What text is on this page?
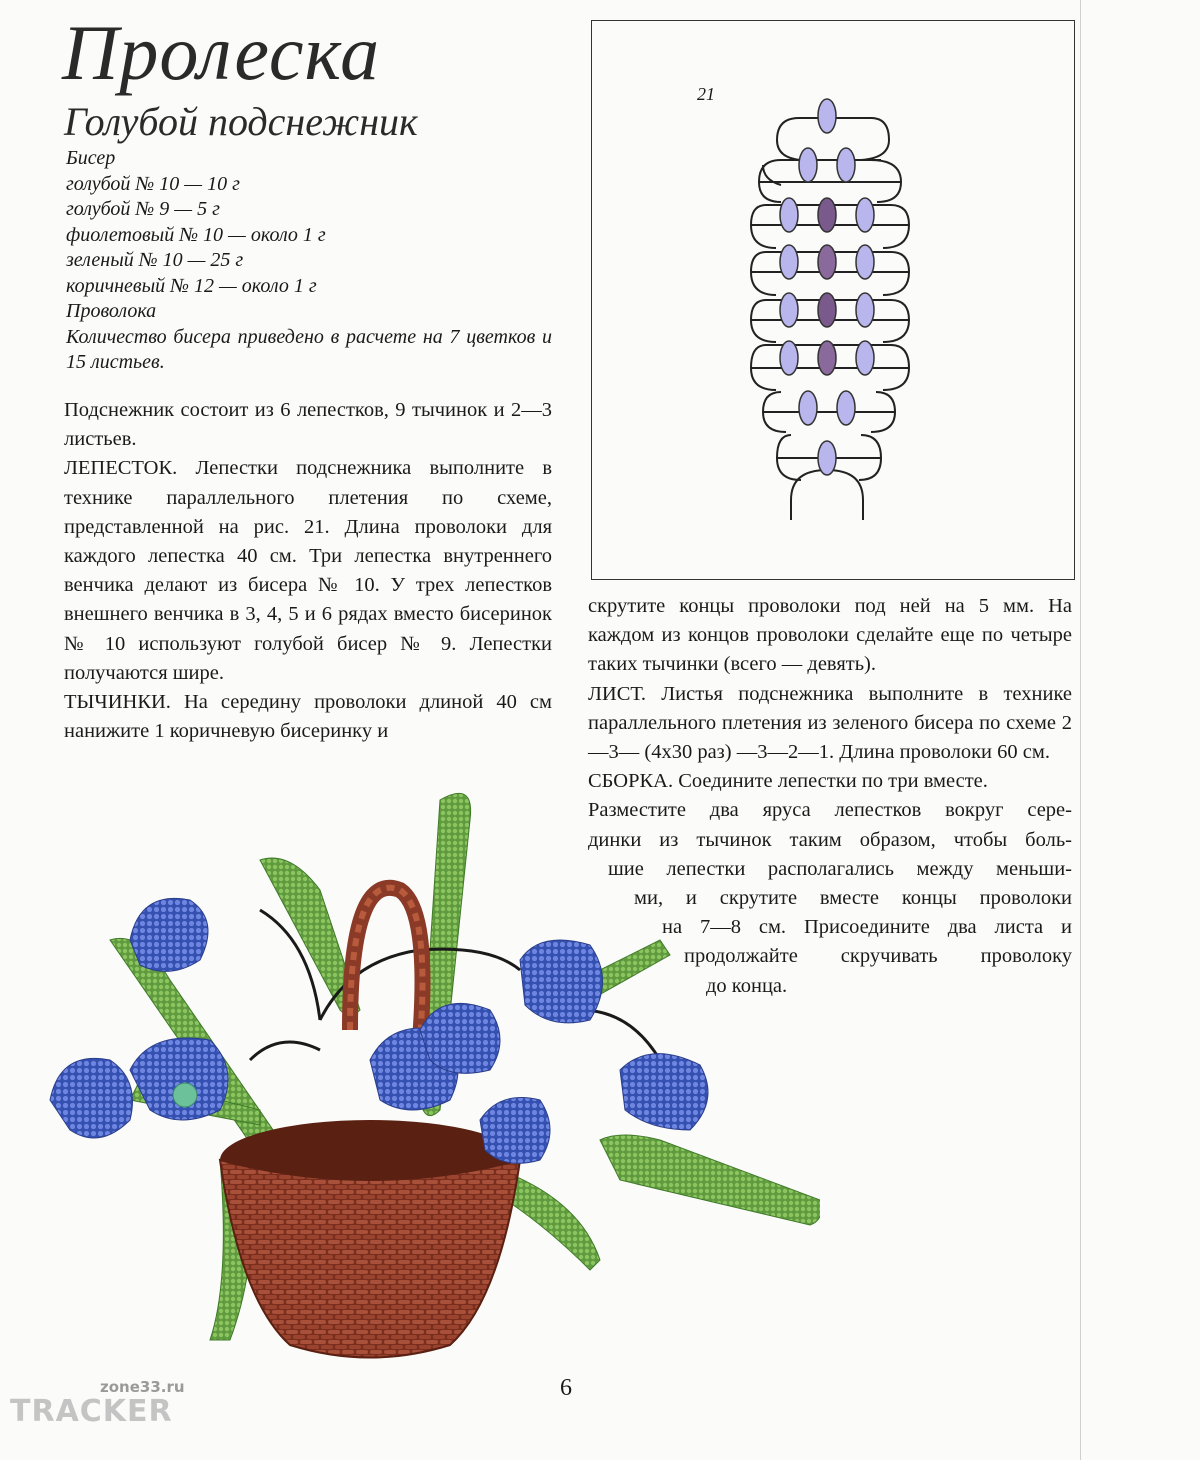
Пролеска
Голубой подснежник
Бисер
голубой № 10 — 10 г
голубой № 9 — 5 г
фиолетовый № 10 — около 1 г
зеленый № 10 — 25 г
коричневый № 12 — около 1 г
Проволока
Количество бисера приведено в расчете на 7 цветков и 15 листьев.

Подснежник состоит из 6 лепестков, 9 тычинок и 2—3 листьев.

ЛЕПЕСТОК. Лепестки подснежника выполните в технике параллельного плетения по схеме, представленной на рис. 21. Длина проволоки для каждого лепестка 40 см. Три лепестка внутреннего венчика делают из бисера № 10. У трех лепестков внешнего венчика в 3, 4, 5 и 6 рядах вместо бисеринок № 10 используют голубой бисер № 9. Лепестки получаются шире.

ТЫЧИНКИ. На середину проволоки длиной 40 см нанижите 1 коричневую бисеринку и

скрутите концы проволоки под ней на 5 мм. На каждом из концов проволоки сделайте еще по четыре таких тычинки (всего — девять).

ЛИСТ. Листья подснежника выполните в технике параллельного плетения из зеленого бисера по схеме 2—3— (4х30 раз) —3—2—1. Длина проволоки 60 см.

СБОРКА. Соедините лепестки по три вместе.

Разместите два яруса лепестков вокруг сере-

динки из тычинок таким образом, чтобы боль-

шие лепестки располагались между меньши-

ми, и скрутите вместе концы проволоки

на 7—8 см. Присоедините два листа и

продолжайте скручивать проволоку

до конца.

21
6
zone33.ru
TRACKER
